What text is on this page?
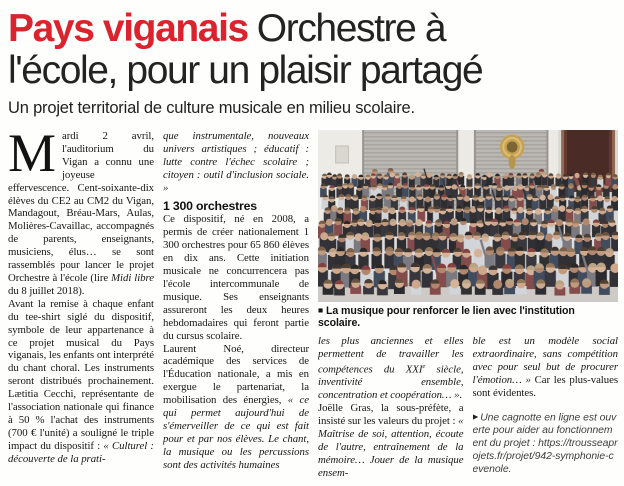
Pays viganais Orchestre à
l'école, pour un plaisir partagé

Un projet territorial de culture musicale en milieu scolaire.

Mardi 2 avril, l'auditorium du Vigan a connu une joyeuse effervescence. Cent-soixante-dix élèves du CE2 au CM2 du Vigan, Mandagout, Bréau-Mars, Aulas, Molières-Cavaillac, accompagnés de parents, enseignants, musiciens, élus… se sont rassemblés pour lancer le projet Orchestre à l'école (lire Midi libre du 8 juillet 2018).

Avant la remise à chaque enfant du tee-shirt siglé du dispositif, symbole de leur appartenance à ce projet musical du Pays viganais, les enfants ont interprété du chant choral. Les instruments seront distribués prochainement. Lætitia Cecchi, représentante de l'association nationale qui finance à 50 % l'achat des instruments (700 € l'unité) a souligné le triple impact du dispositif : « Culturel : découverte de la prati-

que instrumentale, nouveaux univers artistiques ; éducatif : lutte contre l'échec scolaire ; citoyen : outil d'inclusion sociale. »

1 300 orchestres

Ce dispositif, né en 2008, a permis de créer nationalement 1 300 orchestres pour 65 860 élèves en dix ans. Cette initiation musicale ne concurrencera pas l'école intercommunale de musique. Ses enseignants assureront les deux heures hebdomadaires qui feront partie du cursus scolaire.

Laurent Noé, directeur académique des services de l'Éducation nationale, a mis en exergue le partenariat, la mobilisation des énergies, « ce qui permet aujourd'hui de s'émerveiller de ce qui est fait pour et par nos élèves. Le chant, la musique ou les percussions sont des activités humaines

■ La musique pour renforcer le lien avec l'institution scolaire.

les plus anciennes et elles permettent de travailler les compétences du XXIe siècle, inventivité ensemble, concentration et coopération… ».

Joëlle Gras, la sous-préfète, a insisté sur les valeurs du projet : « Maîtrise de soi, attention, écoute de l'autre, entraînement de la mémoire… Jouer de la musique ensem-

ble est un modèle social extraordinaire, sans compétition avec pour seul but de procurer l'émotion… » Car les plus-values sont évidentes.

▶ Une cagnotte en ligne est ouverte pour aider au fonctionnement du projet : https://trousseaprojets.fr/projet/942-symphonie-cevenole.
